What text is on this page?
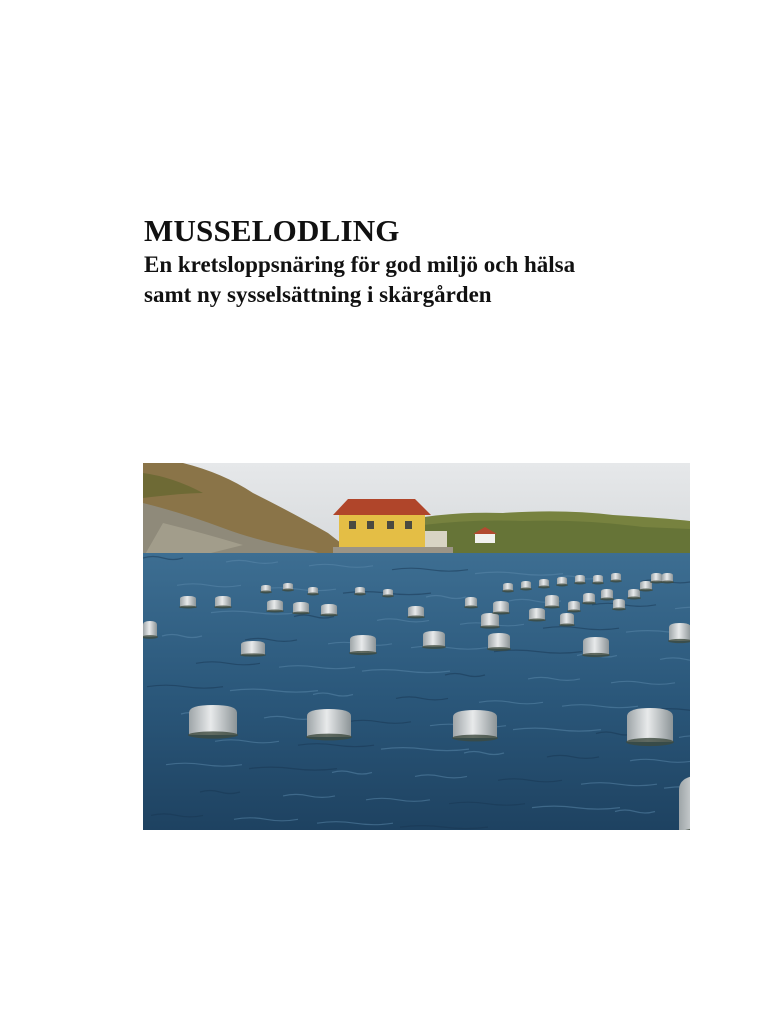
MUSSELODLING

En kretsloppsnäring för god miljö och hälsa

samt ny sysselsättning i skärgården
